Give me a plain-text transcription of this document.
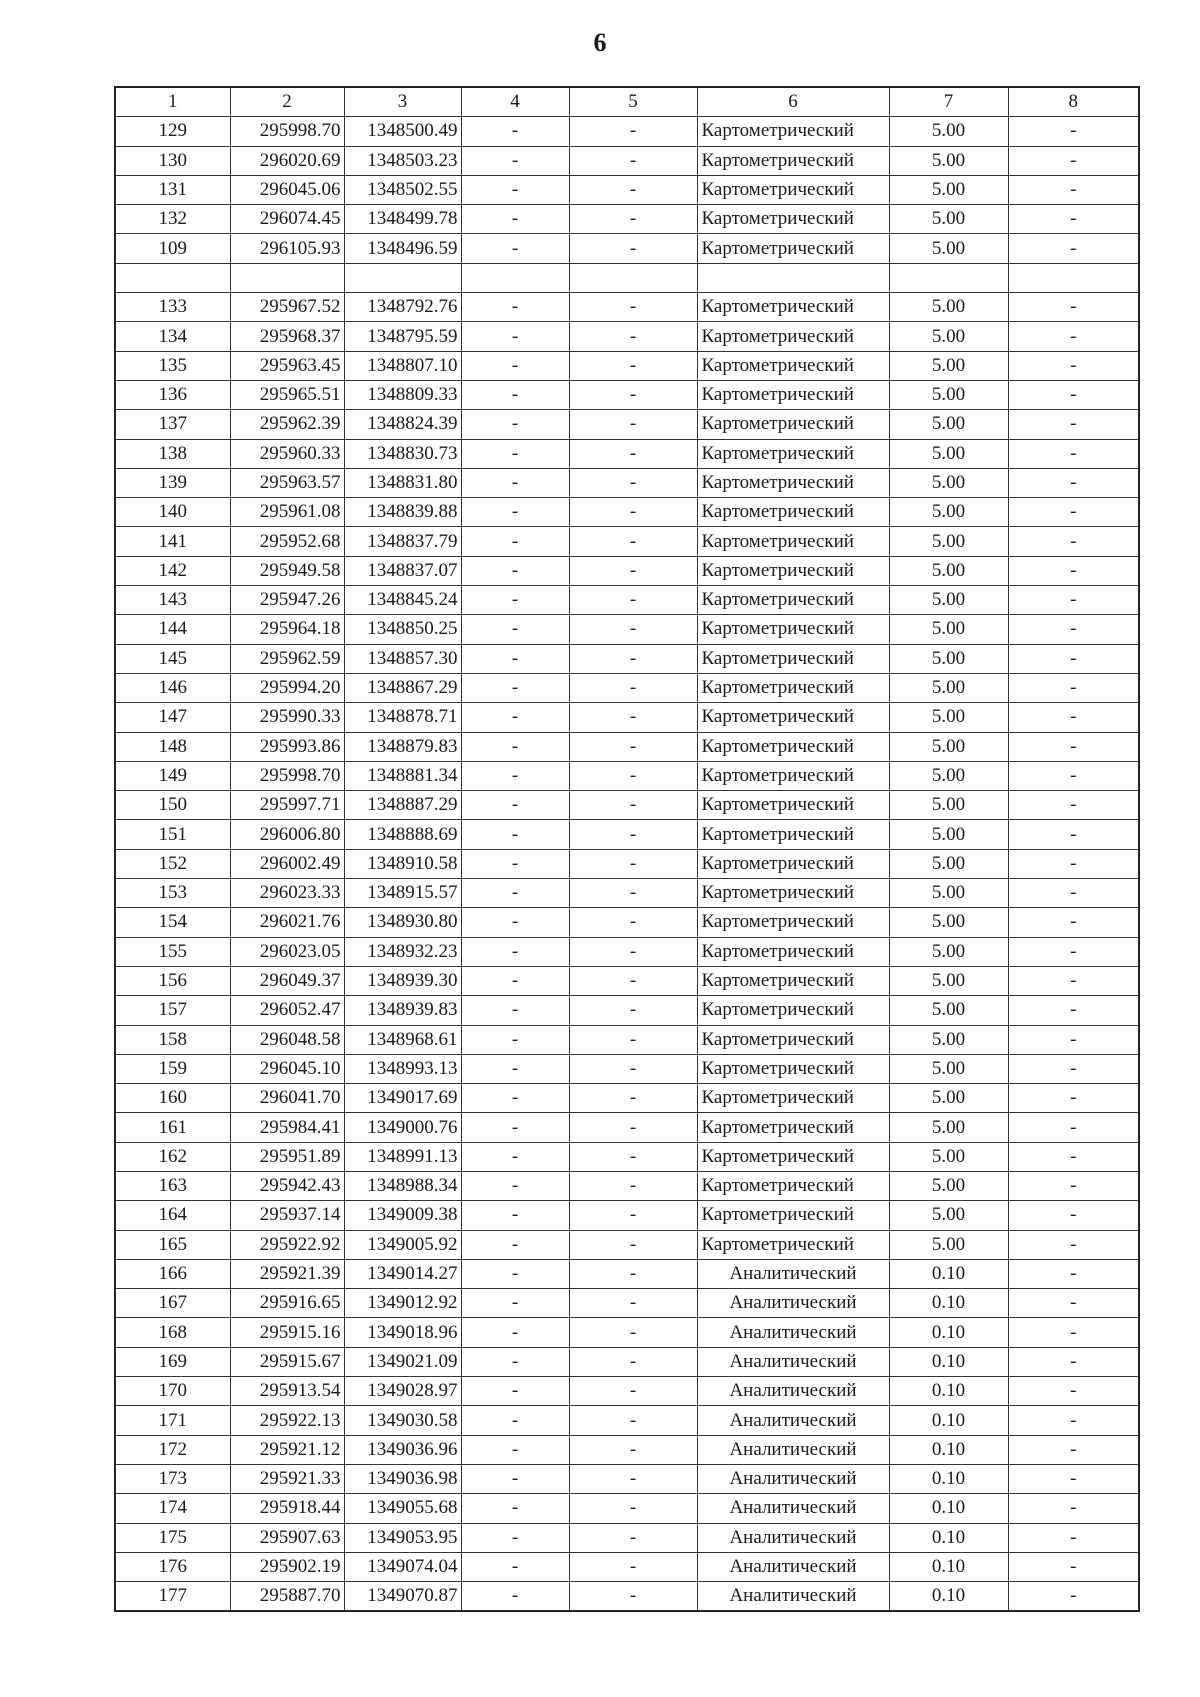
6
1	2	3	4	5	6	7	8
129	295998.70	1348500.49	-	-	Картометрический	5.00	-
130	296020.69	1348503.23	-	-	Картометрический	5.00	-
131	296045.06	1348502.55	-	-	Картометрический	5.00	-
132	296074.45	1348499.78	-	-	Картометрический	5.00	-
109	296105.93	1348496.59	-	-	Картометрический	5.00	-

133	295967.52	1348792.76	-	-	Картометрический	5.00	-
134	295968.37	1348795.59	-	-	Картометрический	5.00	-
135	295963.45	1348807.10	-	-	Картометрический	5.00	-
136	295965.51	1348809.33	-	-	Картометрический	5.00	-
137	295962.39	1348824.39	-	-	Картометрический	5.00	-
138	295960.33	1348830.73	-	-	Картометрический	5.00	-
139	295963.57	1348831.80	-	-	Картометрический	5.00	-
140	295961.08	1348839.88	-	-	Картометрический	5.00	-
141	295952.68	1348837.79	-	-	Картометрический	5.00	-
142	295949.58	1348837.07	-	-	Картометрический	5.00	-
143	295947.26	1348845.24	-	-	Картометрический	5.00	-
144	295964.18	1348850.25	-	-	Картометрический	5.00	-
145	295962.59	1348857.30	-	-	Картометрический	5.00	-
146	295994.20	1348867.29	-	-	Картометрический	5.00	-
147	295990.33	1348878.71	-	-	Картометрический	5.00	-
148	295993.86	1348879.83	-	-	Картометрический	5.00	-
149	295998.70	1348881.34	-	-	Картометрический	5.00	-
150	295997.71	1348887.29	-	-	Картометрический	5.00	-
151	296006.80	1348888.69	-	-	Картометрический	5.00	-
152	296002.49	1348910.58	-	-	Картометрический	5.00	-
153	296023.33	1348915.57	-	-	Картометрический	5.00	-
154	296021.76	1348930.80	-	-	Картометрический	5.00	-
155	296023.05	1348932.23	-	-	Картометрический	5.00	-
156	296049.37	1348939.30	-	-	Картометрический	5.00	-
157	296052.47	1348939.83	-	-	Картометрический	5.00	-
158	296048.58	1348968.61	-	-	Картометрический	5.00	-
159	296045.10	1348993.13	-	-	Картометрический	5.00	-
160	296041.70	1349017.69	-	-	Картометрический	5.00	-
161	295984.41	1349000.76	-	-	Картометрический	5.00	-
162	295951.89	1348991.13	-	-	Картометрический	5.00	-
163	295942.43	1348988.34	-	-	Картометрический	5.00	-
164	295937.14	1349009.38	-	-	Картометрический	5.00	-
165	295922.92	1349005.92	-	-	Картометрический	5.00	-
166	295921.39	1349014.27	-	-	Аналитический	0.10	-
167	295916.65	1349012.92	-	-	Аналитический	0.10	-
168	295915.16	1349018.96	-	-	Аналитический	0.10	-
169	295915.67	1349021.09	-	-	Аналитический	0.10	-
170	295913.54	1349028.97	-	-	Аналитический	0.10	-
171	295922.13	1349030.58	-	-	Аналитический	0.10	-
172	295921.12	1349036.96	-	-	Аналитический	0.10	-
173	295921.33	1349036.98	-	-	Аналитический	0.10	-
174	295918.44	1349055.68	-	-	Аналитический	0.10	-
175	295907.63	1349053.95	-	-	Аналитический	0.10	-
176	295902.19	1349074.04	-	-	Аналитический	0.10	-
177	295887.70	1349070.87	-	-	Аналитический	0.10	-
